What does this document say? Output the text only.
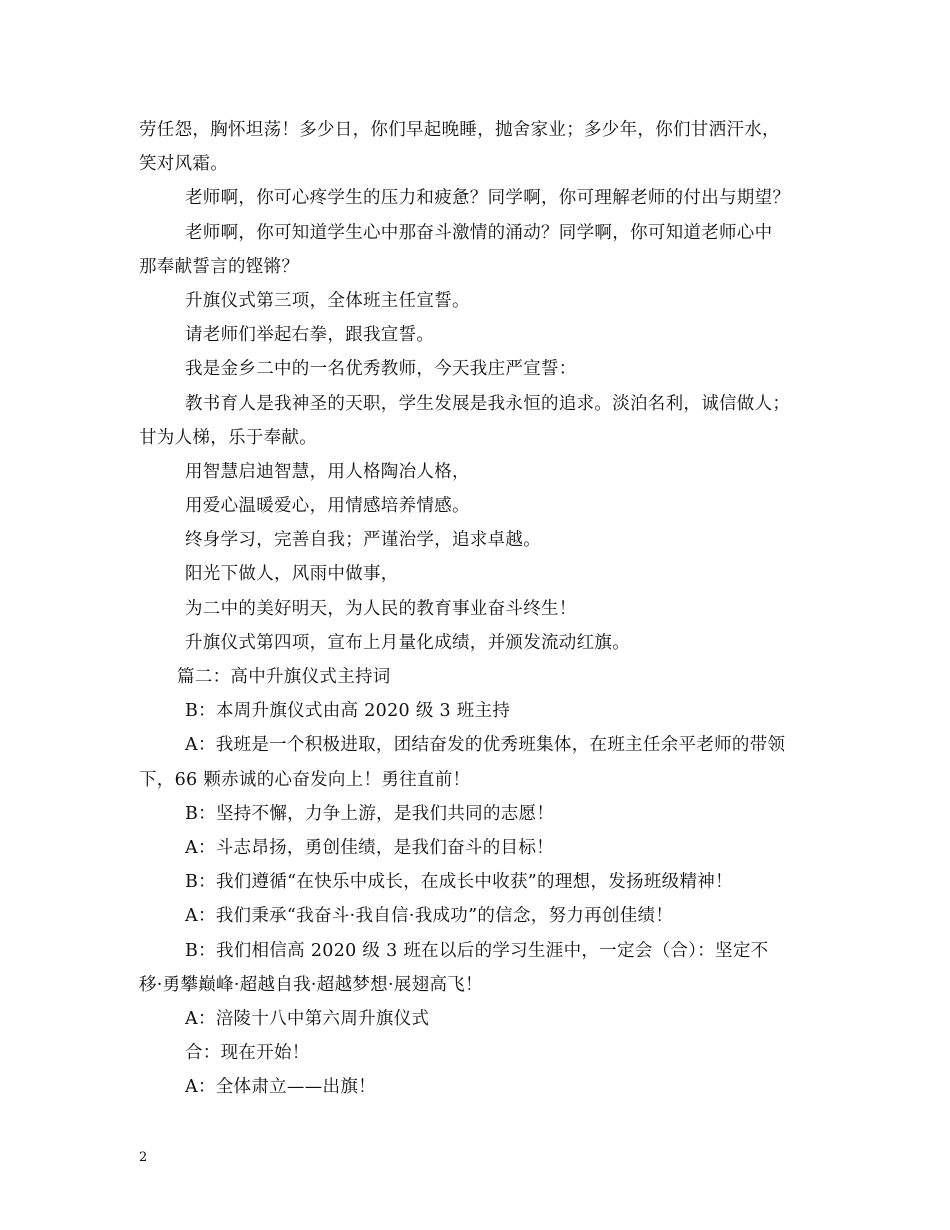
劳任怨，胸怀坦荡！多少日，你们早起晚睡，抛舍家业；多少年，你们甘洒汗水，
笑对风霜。
老师啊，你可心疼学生的压力和疲惫？同学啊，你可理解老师的付出与期望？
老师啊，你可知道学生心中那奋斗激情的涌动？同学啊，你可知道老师心中
那奉献誓言的铿锵？
升旗仪式第三项，全体班主任宣誓。
请老师们举起右拳，跟我宣誓。
我是金乡二中的一名优秀教师，今天我庄严宣誓：
教书育人是我神圣的天职，学生发展是我永恒的追求。淡泊名利，诚信做人；
甘为人梯，乐于奉献。
用智慧启迪智慧，用人格陶冶人格，
用爱心温暖爱心，用情感培养情感。
终身学习，完善自我；严谨治学，追求卓越。
阳光下做人，风雨中做事，
为二中的美好明天，为人民的教育事业奋斗终生！
升旗仪式第四项，宣布上月量化成绩，并颁发流动红旗。
篇二：高中升旗仪式主持词
B：本周升旗仪式由高 2020 级 3 班主持
A：我班是一个积极进取，团结奋发的优秀班集体，在班主任余平老师的带领
下，66 颗赤诚的心奋发向上！勇往直前！
B：坚持不懈，力争上游，是我们共同的志愿！
A：斗志昂扬，勇创佳绩，是我们奋斗的目标！
B：我们遵循“在快乐中成长，在成长中收获”的理想，发扬班级精神！
A：我们秉承“我奋斗·我自信·我成功”的信念，努力再创佳绩！
B：我们相信高 2020 级 3 班在以后的学习生涯中，一定会（合）：坚定不
移·勇攀巅峰·超越自我·超越梦想·展翅高飞！
A：涪陵十八中第六周升旗仪式
合：现在开始！
A：全体肃立——出旗！
2
